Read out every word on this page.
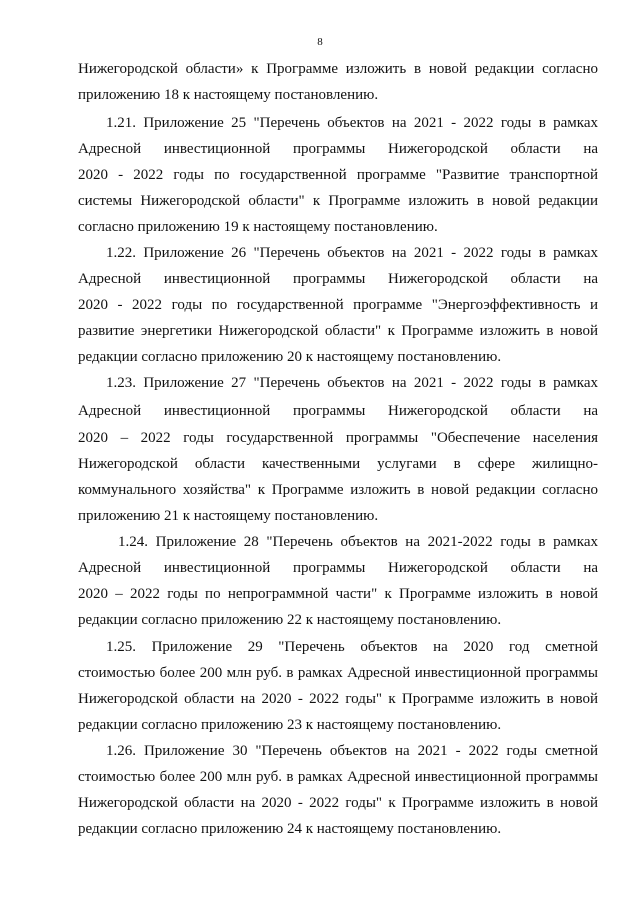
8
Нижегородской области» к Программе изложить в новой редакции согласно
приложению 18 к настоящему постановлению.
1.21. Приложение 25 "Перечень объектов на 2021 - 2022 годы в рамках
Адресной инвестиционной программы Нижегородской области на
2020 - 2022 годы по государственной программе "Развитие транспортной
системы Нижегородской области" к Программе изложить в новой редакции
согласно приложению 19 к настоящему постановлению.
1.22. Приложение 26 "Перечень объектов на 2021 - 2022 годы в рамках
Адресной инвестиционной программы Нижегородской области на
2020 - 2022 годы по государственной программе "Энергоэффективность и
развитие энергетики Нижегородской области" к Программе изложить в новой
редакции согласно приложению 20 к настоящему постановлению.
1.23. Приложение 27 "Перечень объектов на 2021 - 2022 годы в рамках
Адресной инвестиционной программы Нижегородской области на
2020 – 2022 годы государственной программы "Обеспечение населения
Нижегородской области качественными услугами в сфере жилищно-
коммунального хозяйства" к Программе изложить в новой редакции согласно
приложению 21 к настоящему постановлению.
1.24. Приложение 28 "Перечень объектов на 2021-2022 годы в рамках
Адресной инвестиционной программы Нижегородской области на
2020 – 2022 годы по непрограммной части" к Программе изложить в новой
редакции согласно приложению 22 к настоящему постановлению.
1.25. Приложение 29 "Перечень объектов на 2020 год сметной
стоимостью более 200 млн руб. в рамках Адресной инвестиционной программы
Нижегородской области на 2020 - 2022 годы" к Программе изложить в новой
редакции согласно приложению 23 к настоящему постановлению.
1.26. Приложение 30 "Перечень объектов на 2021 - 2022 годы сметной
стоимостью более 200 млн руб. в рамках Адресной инвестиционной программы
Нижегородской области на 2020 - 2022 годы" к Программе изложить в новой
редакции согласно приложению 24 к настоящему постановлению.
